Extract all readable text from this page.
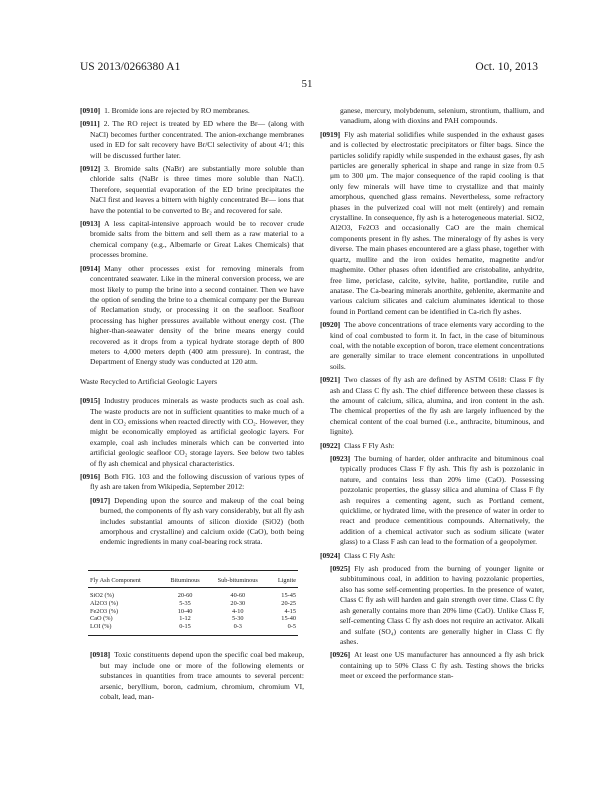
US 2013/0266380 A1	Oct. 10, 2013
51

[0910] 1. Bromide ions are rejected by RO membranes.

[0911] 2. The RO reject is treated by ED where the Br— (along with NaCl) becomes further concentrated. The anion-exchange membranes used in ED for salt recovery have Br/Cl selectivity of about 4/1; this will be discussed further later.

[0912] 3. Bromide salts (NaBr) are substantially more soluble than chloride salts (NaBr is three times more soluble than NaCl). Therefore, sequential evaporation of the ED brine precipitates the NaCl first and leaves a bittern with highly concentrated Br— ions that have the potential to be converted to Br₂ and recovered for sale.

[0913] A less capital-intensive approach would be to recover crude bromide salts from the bittern and sell them as a raw material to a chemical company (e.g., Albemarle or Great Lakes Chemicals) that processes bromine.

[0914] Many other processes exist for removing minerals from concentrated seawater. Like in the mineral conversion process, we are most likely to pump the brine into a second container. Then we have the option of sending the brine to a chemical company per the Bureau of Reclamation study, or processing it on the seafloor. Seafloor processing has higher pressures available without energy cost. (The higher-than-seawater density of the brine means energy could recovered as it drops from a typical hydrate storage depth of 800 meters to 4,000 meters depth (400 atm pressure). In contrast, the Department of Energy study was conducted at 120 atm.

Waste Recycled to Artificial Geologic Layers

[0915] Industry produces minerals as waste products such as coal ash. The waste products are not in sufficient quantities to make much of a dent in CO₂ emissions when reacted directly with CO₂. However, they might be economically employed as artificial geologic layers. For example, coal ash includes minerals which can be converted into artificial geologic seafloor CO₂ storage layers. See below two tables of fly ash chemical and physical characteristics.

[0916] Both FIG. 103 and the following discussion of various types of fly ash are taken from Wikipedia, September 2012:

[0917] Depending upon the source and makeup of the coal being burned, the components of fly ash vary considerably, but all fly ash includes substantial amounts of silicon dioxide (SiO2) (both amorphous and crystalline) and calcium oxide (CaO), both being endemic ingredients in many coal-bearing rock strata.

Fly Ash Component	Bituminous	Sub-bituminous	Lignite
SiO2 (%)	20-60	40-60	15-45
Al2O3 (%)	5-35	20-30	20-25
Fe2O3 (%)	10-40	4-10	4-15
CaO (%)	1-12	5-30	15-40
LOI (%)	0-15	0-3	0-5

[0918] Toxic constituents depend upon the specific coal bed makeup, but may include one or more of the following elements or substances in quantities from trace amounts to several percent: arsenic, beryllium, boron, cadmium, chromium, chromium VI, cobalt, lead, man-

ganese, mercury, molybdenum, selenium, strontium, thallium, and vanadium, along with dioxins and PAH compounds.

[0919] Fly ash material solidifies while suspended in the exhaust gases and is collected by electrostatic precipitators or filter bags. Since the particles solidify rapidly while suspended in the exhaust gases, fly ash particles are generally spherical in shape and range in size from 0.5 μm to 300 μm. The major consequence of the rapid cooling is that only few minerals will have time to crystallize and that mainly amorphous, quenched glass remains. Nevertheless, some refractory phases in the pulverized coal will not melt (entirely) and remain crystalline. In consequence, fly ash is a heterogeneous material. SiO2, Al2O3, Fe2O3 and occasionally CaO are the main chemical components present in fly ashes. The mineralogy of fly ashes is very diverse. The main phases encountered are a glass phase, together with quartz, mullite and the iron oxides hematite, magnetite and/or maghemite. Other phases often identified are cristobalite, anhydrite, free lime, periclase, calcite, sylvite, halite, portlandite, rutile and anatase. The Ca-bearing minerals anorthite, gehlenite, akermanite and various calcium silicates and calcium aluminates identical to those found in Portland cement can be identified in Ca-rich fly ashes.

[0920] The above concentrations of trace elements vary according to the kind of coal combusted to form it. In fact, in the case of bituminous coal, with the notable exception of boron, trace element concentrations are generally similar to trace element concentrations in unpolluted soils.

[0921] Two classes of fly ash are defined by ASTM C618: Class F fly ash and Class C fly ash. The chief difference between these classes is the amount of calcium, silica, alumina, and iron content in the ash. The chemical properties of the fly ash are largely influenced by the chemical content of the coal burned (i.e., anthracite, bituminous, and lignite).

[0922] Class F Fly Ash:

[0923] The burning of harder, older anthracite and bituminous coal typically produces Class F fly ash. This fly ash is pozzolanic in nature, and contains less than 20% lime (CaO). Possessing pozzolanic properties, the glassy silica and alumina of Class F fly ash requires a cementing agent, such as Portland cement, quicklime, or hydrated lime, with the presence of water in order to react and produce cementitious compounds. Alternatively, the addition of a chemical activator such as sodium silicate (water glass) to a Class F ash can lead to the formation of a geopolymer.

[0924] Class C Fly Ash:

[0925] Fly ash produced from the burning of younger lignite or subbituminous coal, in addition to having pozzolanic properties, also has some self-cementing properties. In the presence of water, Class C fly ash will harden and gain strength over time. Class C fly ash generally contains more than 20% lime (CaO). Unlike Class F, self-cementing Class C fly ash does not require an activator. Alkali and sulfate (SO₄) contents are generally higher in Class C fly ashes.

[0926] At least one US manufacturer has announced a fly ash brick containing up to 50% Class C fly ash. Testing shows the bricks meet or exceed the performance stan-
